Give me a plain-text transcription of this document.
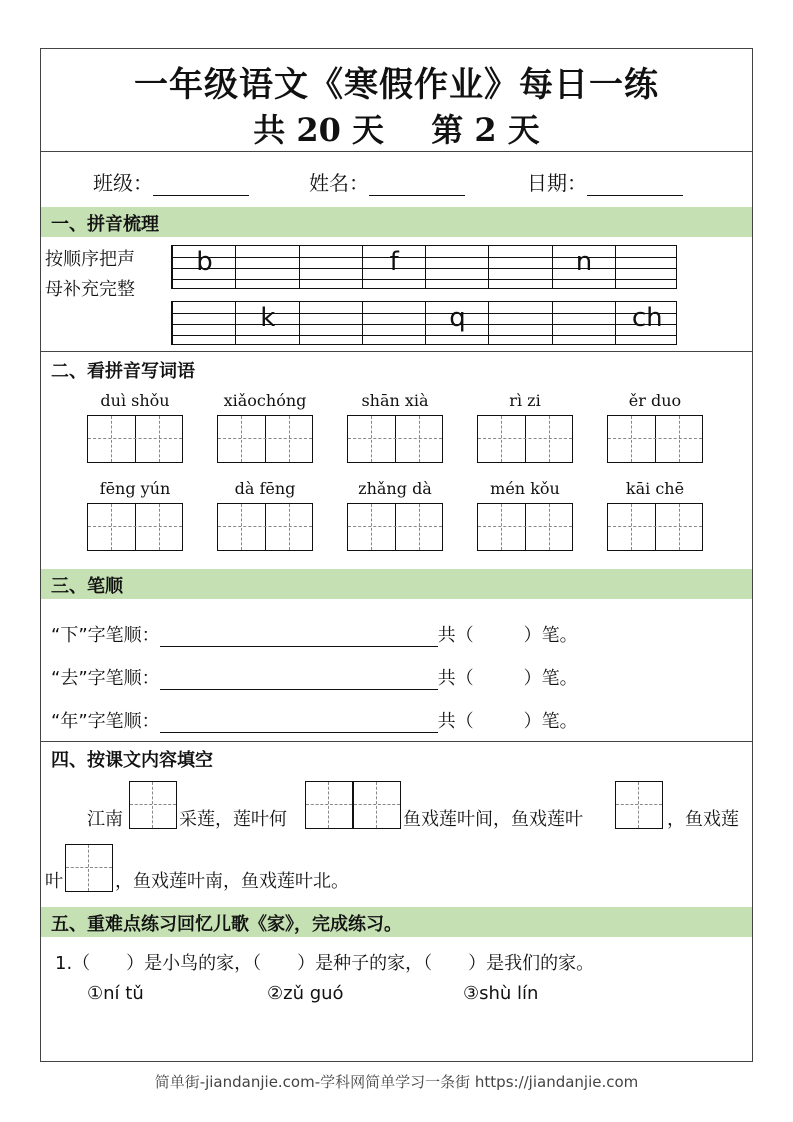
一年级语文《寒假作业》每日一练
共 20 天 第 2 天
班级：	姓名：	日期：
一、拼音梳理
按顺序把声
母补充完整
b	f	n
k	q	ch
二、看拼音写词语
duì shǒu	xiǎochóng	shān xià	rì zi	ěr duo
fēng yún	dà fēng	zhǎng dà	mén kǒu	kāi chē
三、笔顺
“下”字笔顺：	共（	）笔。
“去”字笔顺：	共（	）笔。
“年”字笔顺：	共（	）笔。
四、按课文内容填空
江南	采莲，莲叶何	鱼戏莲叶间，鱼戏莲叶	，鱼戏莲
叶	，鱼戏莲叶南，鱼戏莲叶北。
五、重难点练习回忆儿歌《家》，完成练习。
1.（　　）是小鸟的家，（　　）是种子的家，（　　）是我们的家。
①ní tǔ	②zǔ guó	③shù lín
简单街-jiandanjie.com-学科网简单学习一条街 https://jiandanjie.com
